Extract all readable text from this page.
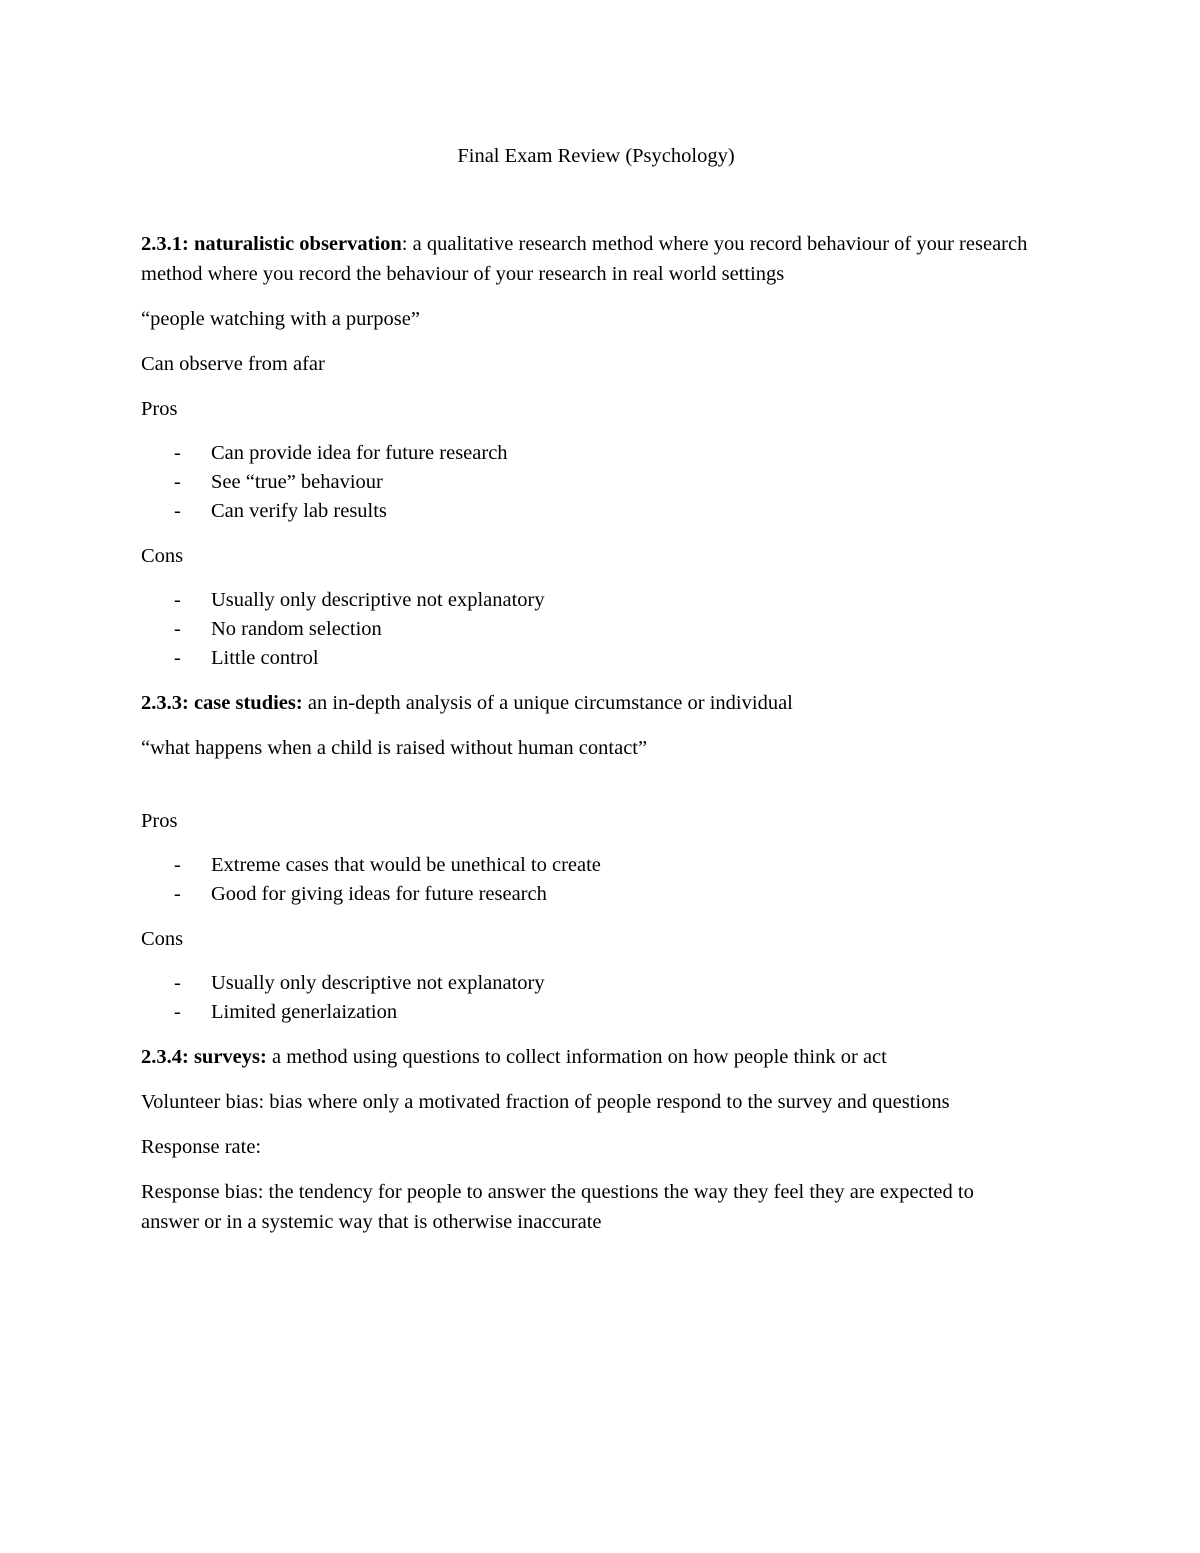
Final Exam Review (Psychology)

2.3.1: naturalistic observation: a qualitative research method where you record behaviour of your research method where you record the behaviour of your research in real world settings

“people watching with a purpose”

Can observe from afar

Pros

- Can provide idea for future research
- See “true” behaviour
- Can verify lab results

Cons

- Usually only descriptive not explanatory
- No random selection
- Little control

2.3.3: case studies: an in-depth analysis of a unique circumstance or individual

“what happens when a child is raised without human contact”

Pros

- Extreme cases that would be unethical to create
- Good for giving ideas for future research

Cons

- Usually only descriptive not explanatory
- Limited generlaization

2.3.4: surveys: a method using questions to collect information on how people think or act

Volunteer bias: bias where only a motivated fraction of people respond to the survey and questions

Response rate:

Response bias: the tendency for people to answer the questions the way they feel they are expected to answer or in a systemic way that is otherwise inaccurate
